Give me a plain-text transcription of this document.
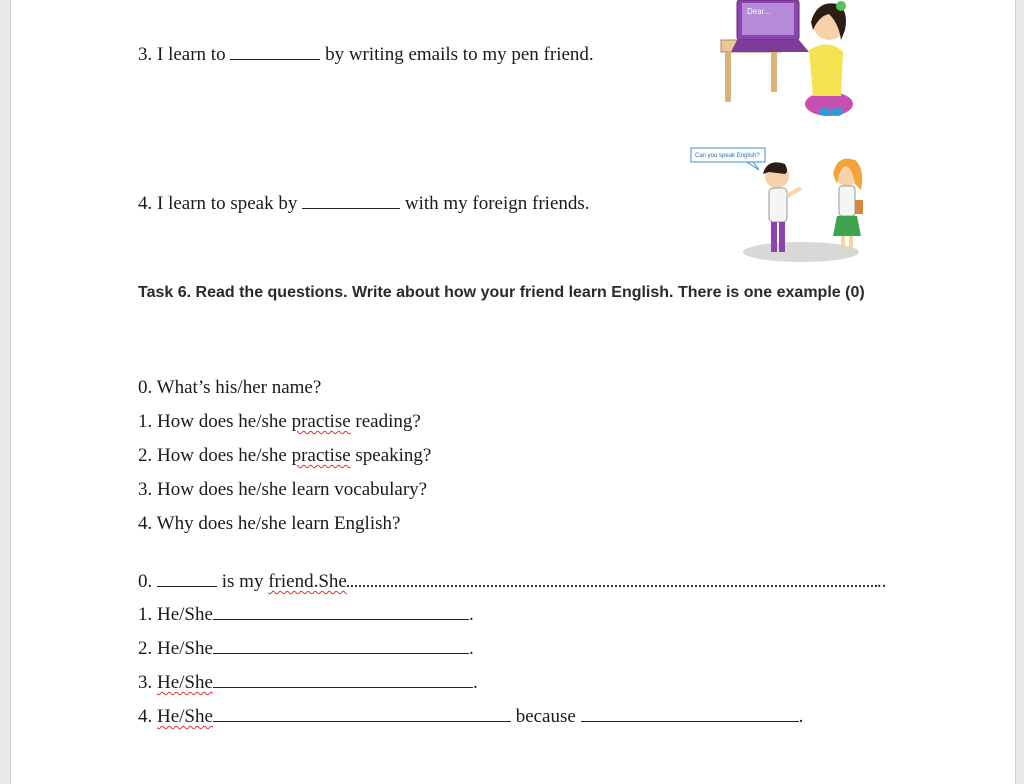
3. I learn to	by writing emails to my pen friend.
Dear...
4. I learn to speak by	with my foreign friends.
Can you speak English?
Task 6. Read the questions. Write about how your friend learn English. There is one example (0)
0. What’s his/her name?
1. How does he/she practise reading?
2. How does he/she practise speaking?
3. How does he/she learn vocabulary?
4. Why does he/she learn English?
0.	is my friend.She	..
1. He/She	.
2. He/She	.
3. He/She	.
4. He/She	because	.
